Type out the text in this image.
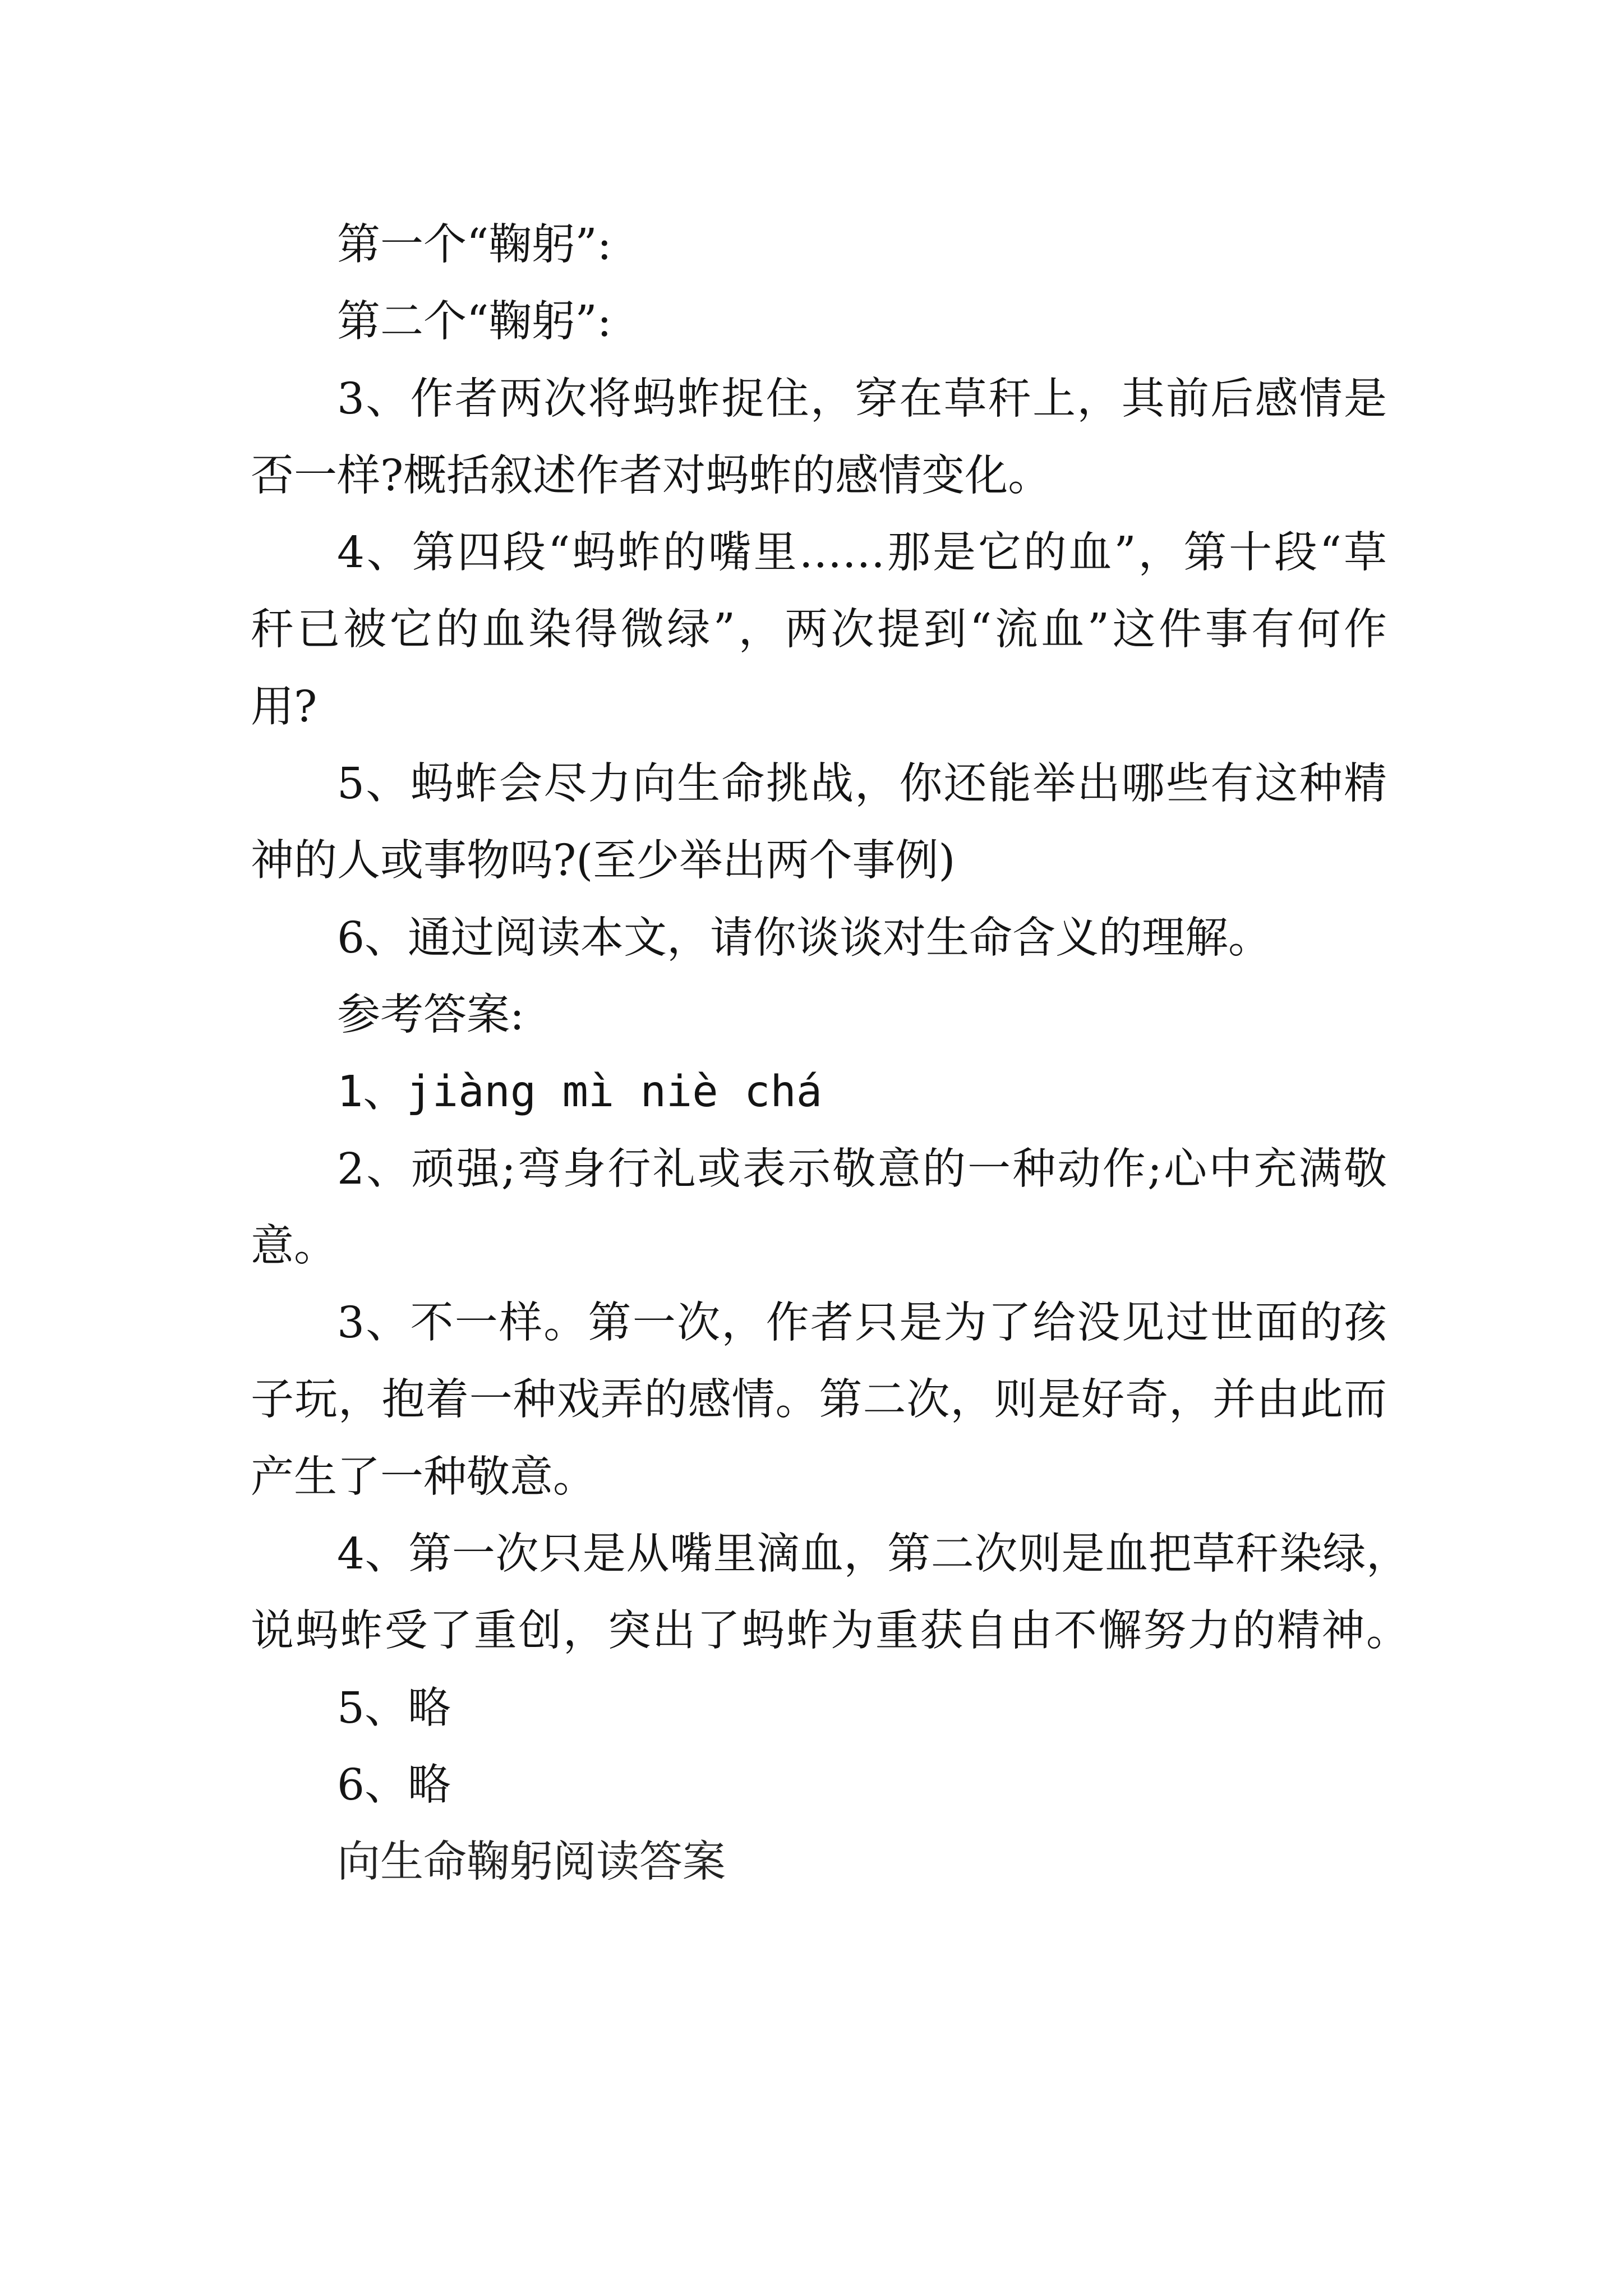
第一个“鞠躬”:
第二个“鞠躬”:
3、作者两次将蚂蚱捉住，穿在草秆上，其前后感情是
否一样?概括叙述作者对蚂蚱的感情变化。
4、第四段“蚂蚱的嘴里……那是它的血”，第十段“草
秆已被它的血染得微绿”，两次提到“流血”这件事有何作
用?
5、蚂蚱会尽力向生命挑战，你还能举出哪些有这种精
神的人或事物吗?(至少举出两个事例)
6、通过阅读本文，请你谈谈对生命含义的理解。
参考答案:
1、jiàng mì niè chá
2、顽强;弯身行礼或表示敬意的一种动作;心中充满敬
意。
3、不一样。第一次，作者只是为了给没见过世面的孩
子玩，抱着一种戏弄的感情。第二次，则是好奇，并由此而
产生了一种敬意。
4、第一次只是从嘴里滴血，第二次则是血把草秆染绿，
说蚂蚱受了重创，突出了蚂蚱为重获自由不懈努力的精神。
5、略
6、略
向生命鞠躬阅读答案
